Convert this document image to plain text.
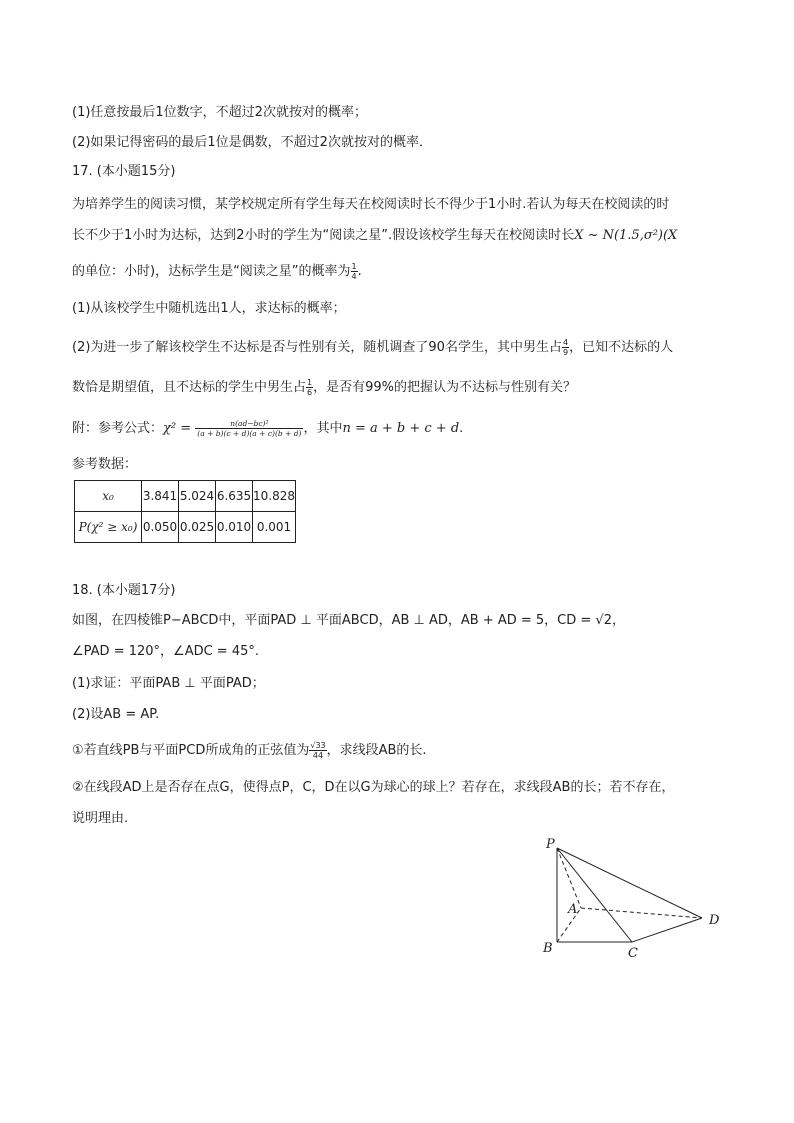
(1)任意按最后1位数字，不超过2次就按对的概率；
(2)如果记得密码的最后1位是偶数，不超过2次就按对的概率．
17. (本小题15分)
为培养学生的阅读习惯，某学校规定所有学生每天在校阅读时长不得少于1小时.若认为每天在校阅读的时
长不少于1小时为达标，达到2小时的学生为“阅读之星”.假设该校学生每天在校阅读时长X ~ N(1.5,σ²)(X
的单位：小时)，达标学生是“阅读之星”的概率为 $\frac{1}{4}$ .
(1)从该校学生中随机选出1人，求达标的概率；
(2)为进一步了解该校学生不达标是否与性别有关，随机调查了90名学生，其中男生占 $\frac{4}{9}$ ，已知不达标的人
数恰是期望值，且不达标的学生中男生占 $\frac{1}{6}$ ，是否有99%的把握认为不达标与性别有关？
附：参考公式：$\chi^2 = \frac{\text{n(ad−bc)²}}{(a + b)(c + d)(a + c)(b + d)}$ ，其中n = a + b + c + d.
参考数据：
x₀	3.841	5.024	6.635	10.828
P(χ² ≥ x₀)	0.050	0.025	0.010	0.001
18. (本小题17分)
如图，在四棱锥P−ABCD中，平面PAD ⊥ 平面ABCD，AB ⊥ AD，AB + AD = 5，CD = √2，
∠PAD = 120°，∠ADC = 45°.
(1)求证：平面PAB ⊥ 平面PAD；
(2)设AB = AP.
①若直线PB与平面PCD所成角的正弦值为 $\frac{√33}{44}$ ，求线段AB的长.
②在线段AD上是否存在点G，使得点P，C，D在以G为球心的球上？若存在，求线段AB的长；若不存在，
说明理由.
P
A
B	C
D
